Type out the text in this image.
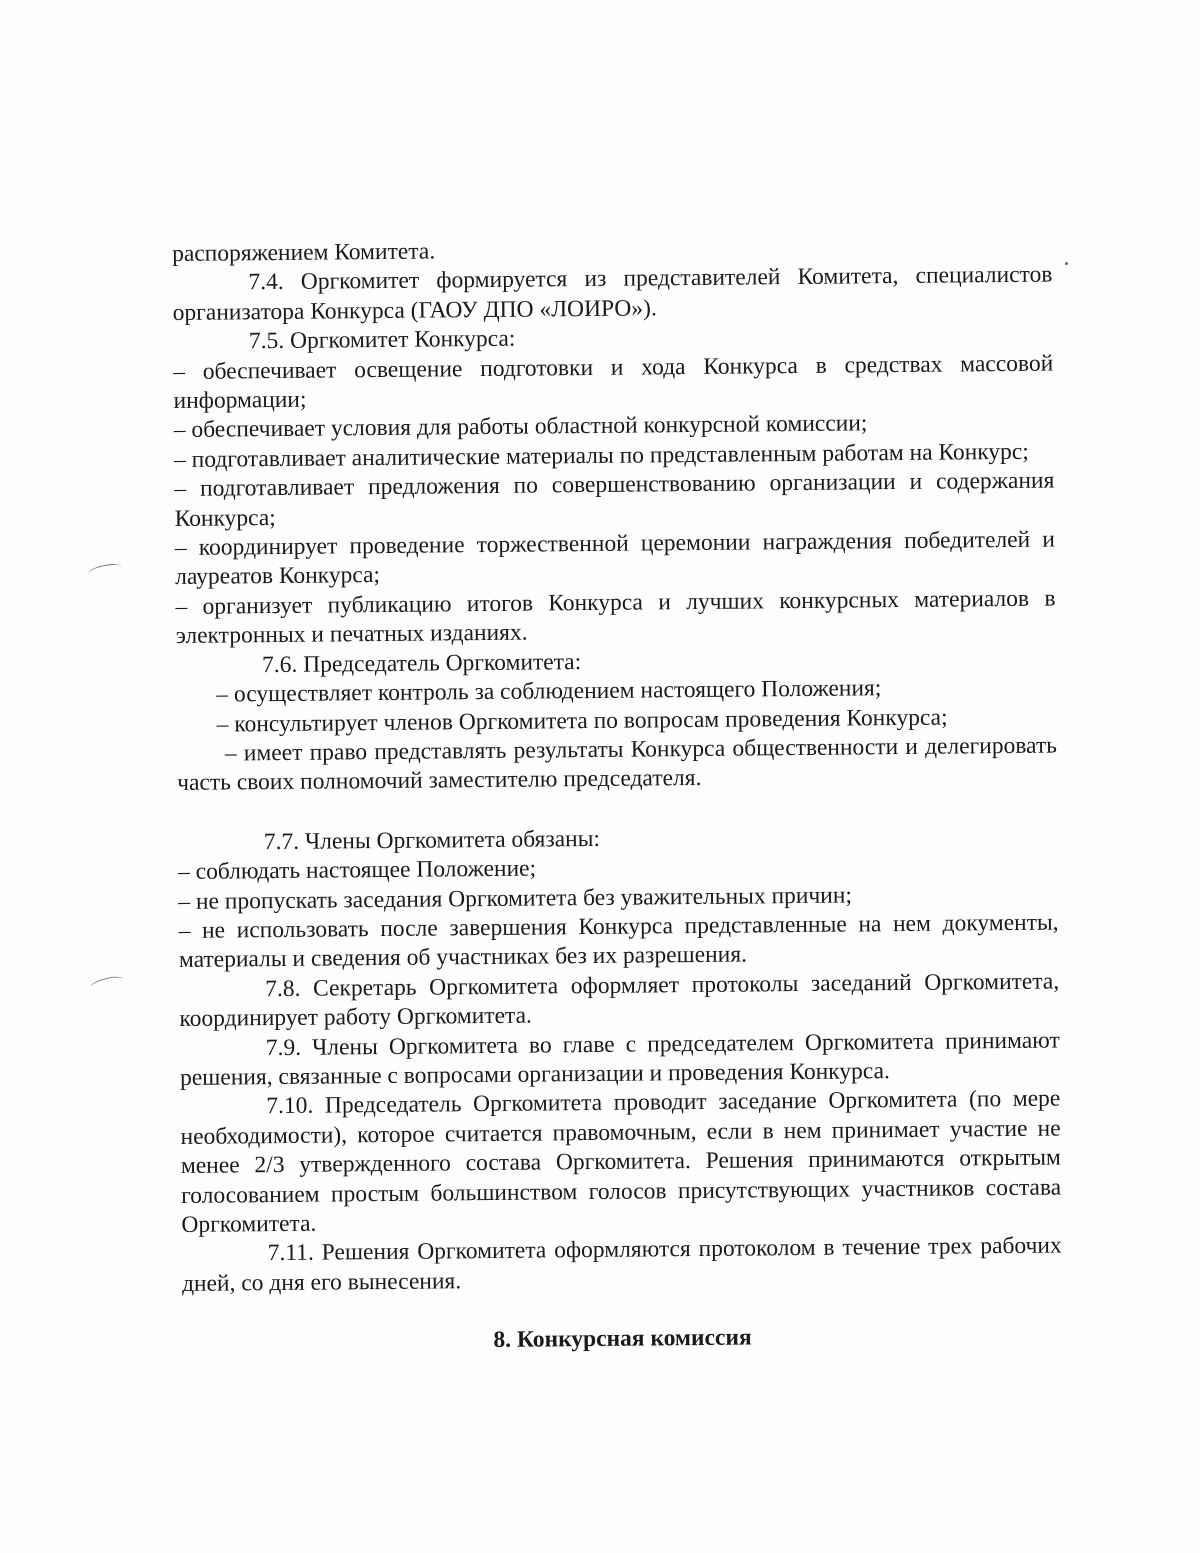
распоряжением Комитета.

7.4. Оргкомитет формируется из представителей Комитета, специалистов организатора Конкурса (ГАОУ ДПО «ЛОИРО»).

7.5. Оргкомитет Конкурса:

– обеспечивает освещение подготовки и хода Конкурса в средствах массовой информации;

– обеспечивает условия для работы областной конкурсной комиссии;

– подготавливает аналитические материалы по представленным работам на Конкурс;

– подготавливает предложения по совершенствованию организации и содержания Конкурса;

– координирует проведение торжественной церемонии награждения победителей и лауреатов Конкурса;

– организует публикацию итогов Конкурса и лучших конкурсных материалов в электронных и печатных изданиях.

7.6. Председатель Оргкомитета:

– осуществляет контроль за соблюдением настоящего Положения;

– консультирует членов Оргкомитета по вопросам проведения Конкурса;

– имеет право представлять результаты Конкурса общественности и делегировать часть своих полномочий заместителю председателя.

7.7. Члены Оргкомитета обязаны:

– соблюдать настоящее Положение;

– не пропускать заседания Оргкомитета без уважительных причин;

– не использовать после завершения Конкурса представленные на нем документы, материалы и сведения об участниках без их разрешения.

7.8. Секретарь Оргкомитета оформляет протоколы заседаний Оргкомитета, координирует работу Оргкомитета.

7.9. Члены Оргкомитета во главе с председателем Оргкомитета принимают решения, связанные с вопросами организации и проведения Конкурса.

7.10. Председатель Оргкомитета проводит заседание Оргкомитета (по мере необходимости), которое считается правомочным, если в нем принимает участие не менее 2/3 утвержденного состава Оргкомитета. Решения принимаются открытым голосованием простым большинством голосов присутствующих участников состава Оргкомитета.

7.11. Решения Оргкомитета оформляются протоколом в течение трех рабочих дней, со дня его вынесения.

8. Конкурсная комиссия
